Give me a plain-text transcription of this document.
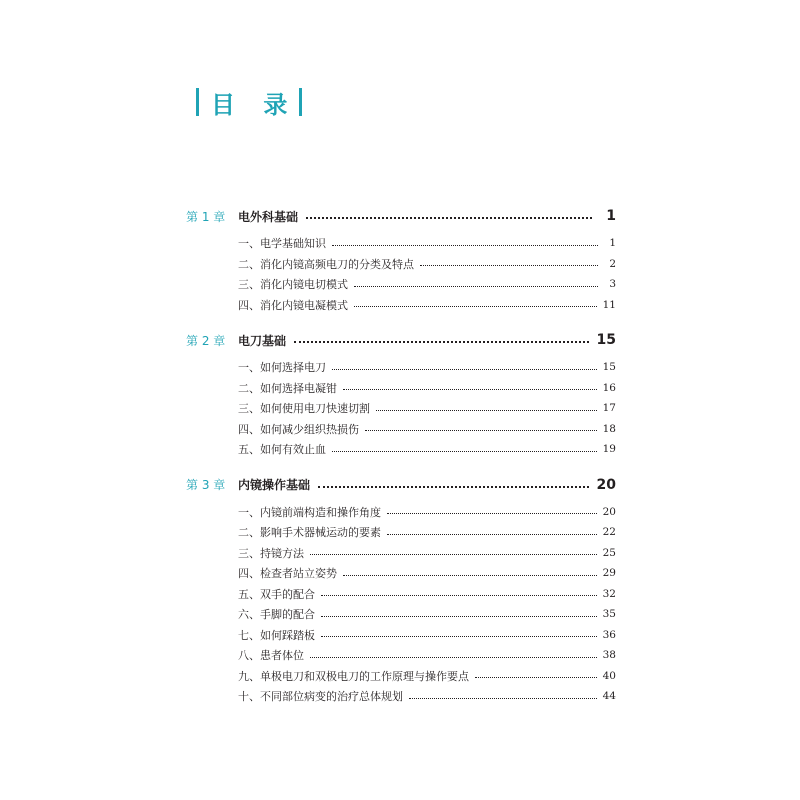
目 录
第 1 章	电外科基础	1
一、电学基础知识	1
二、消化内镜高频电刀的分类及特点	2
三、消化内镜电切模式	3
四、消化内镜电凝模式	11
第 2 章	电刀基础	15
一、如何选择电刀	15
二、如何选择电凝钳	16
三、如何使用电刀快速切割	17
四、如何减少组织热损伤	18
五、如何有效止血	19
第 3 章	内镜操作基础	20
一、内镜前端构造和操作角度	20
二、影响手术器械运动的要素	22
三、持镜方法	25
四、检查者站立姿势	29
五、双手的配合	32
六、手脚的配合	35
七、如何踩踏板	36
八、患者体位	38
九、单极电刀和双极电刀的工作原理与操作要点	40
十、不同部位病变的治疗总体规划	44
